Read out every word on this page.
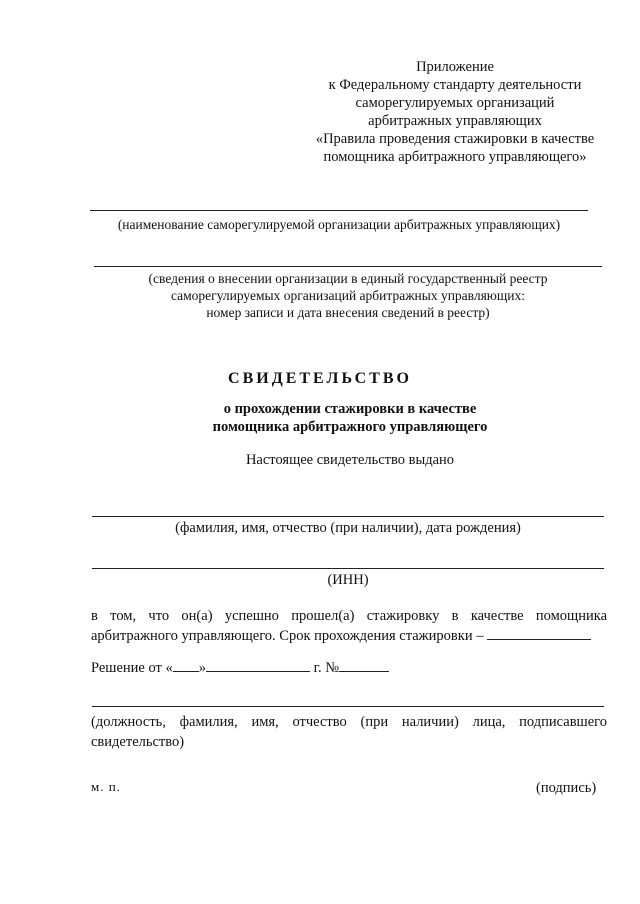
Приложение
к Федеральному стандарту деятельности
саморегулируемых организаций
арбитражных управляющих
«Правила проведения стажировки в качестве
помощника арбитражного управляющего»
(наименование саморегулируемой организации арбитражных управляющих)
(сведения о внесении организации в единый государственный реестр
саморегулируемых организаций арбитражных управляющих:
номер записи и дата внесения сведений в реестр)
СВИДЕТЕЛЬСТВО
о прохождении стажировки в качестве
помощника арбитражного управляющего
Настоящее свидетельство выдано
(фамилия, имя, отчество (при наличии), дата рождения)
(ИНН)
в том, что он(а) успешно прошел(а) стажировку в качестве помощника арбитражного управляющего. Срок прохождения стажировки –
Решение от « »	г. №
(должность, фамилия, имя, отчество (при наличии) лица, подписавшего свидетельство)
м. п.	(подпись)
